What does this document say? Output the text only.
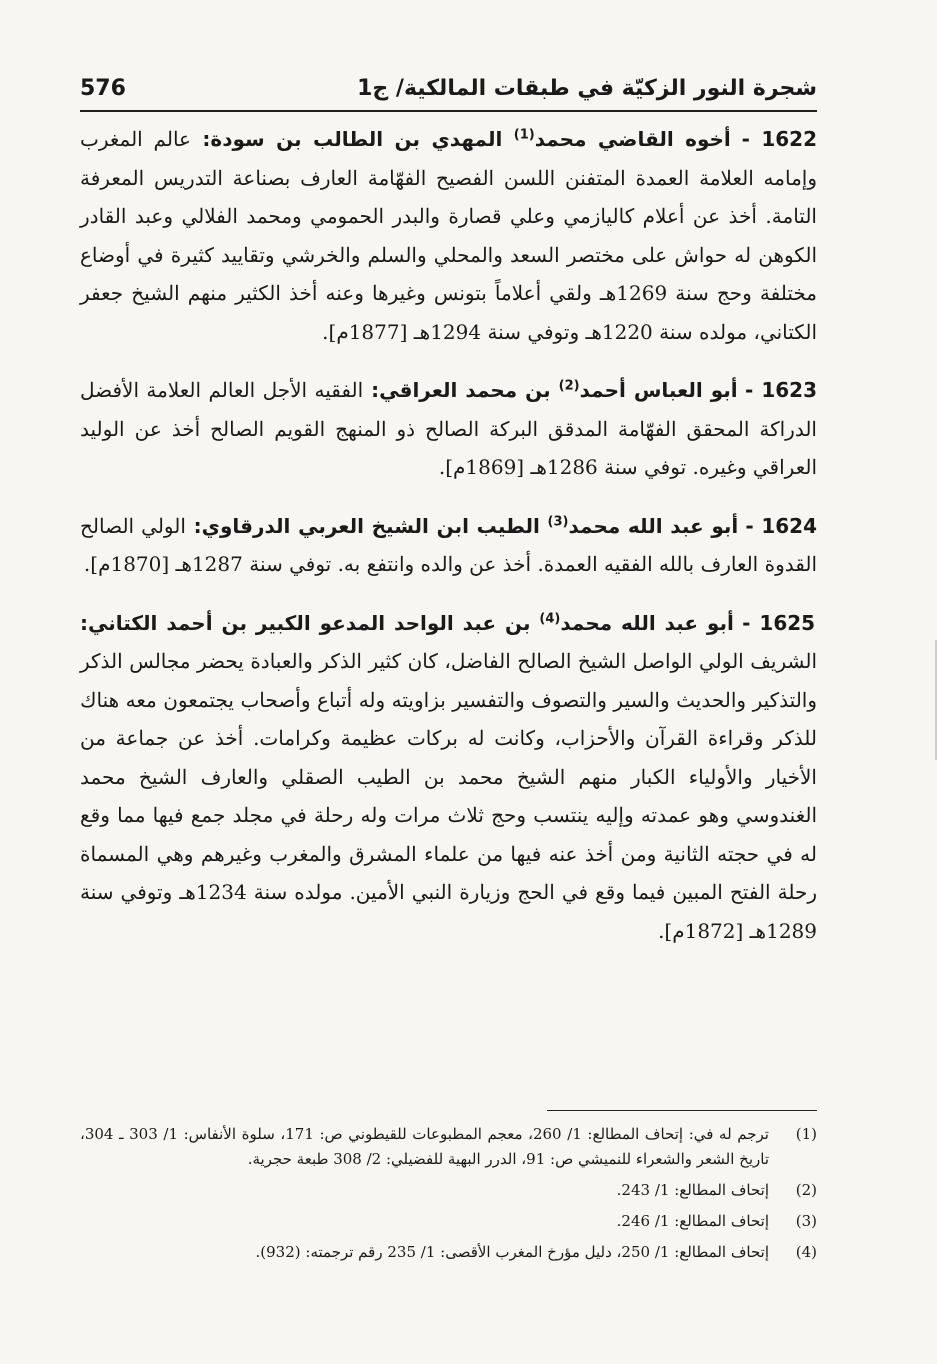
شجرة النور الزكيّة في طبقات المالكية/ ج1
576

1622 - أخوه القاضي محمد$^{(1)}$ المهدي بن الطالب بن سودة: عالم المغرب وإمامه العلامة العمدة المتفنن اللسن الفصيح الفهّامة العارف بصناعة التدريس المعرفة التامة. أخذ عن أعلام كاليازمي وعلي قصارة والبدر الحمومي ومحمد الفلالي وعبد القادر الكوهن له حواش على مختصر السعد والمحلي والسلم والخرشي وتقاييد كثيرة في أوضاع مختلفة وحج سنة 1269هـ ولقي أعلاماً بتونس وغيرها وعنه أخذ الكثير منهم الشيخ جعفر الكتاني، مولده سنة 1220هـ وتوفي سنة 1294هـ [1877م].

1623 - أبو العباس أحمد$^{(2)}$ بن محمد العراقي: الفقيه الأجل العالم العلامة الأفضل الدراكة المحقق الفهّامة المدقق البركة الصالح ذو المنهج القويم الصالح أخذ عن الوليد العراقي وغيره. توفي سنة 1286هـ [1869م].

1624 - أبو عبد الله محمد$^{(3)}$ الطيب ابن الشيخ العربي الدرقاوي: الولي الصالح القدوة العارف بالله الفقيه العمدة. أخذ عن والده وانتفع به. توفي سنة 1287هـ [1870م].

1625 - أبو عبد الله محمد$^{(4)}$ بن عبد الواحد المدعو الكبير بن أحمد الكتاني: الشريف الولي الواصل الشيخ الصالح الفاضل، كان كثير الذكر والعبادة يحضر مجالس الذكر والتذكير والحديث والسير والتصوف والتفسير بزاويته وله أتباع وأصحاب يجتمعون معه هناك للذكر وقراءة القرآن والأحزاب، وكانت له بركات عظيمة وكرامات. أخذ عن جماعة من الأخيار والأولياء الكبار منهم الشيخ محمد بن الطيب الصقلي والعارف الشيخ محمد الغندوسي وهو عمدته وإليه ينتسب وحج ثلاث مرات وله رحلة في مجلد جمع فيها مما وقع له في حجته الثانية ومن أخذ عنه فيها من علماء المشرق والمغرب وغيرهم وهي المسماة رحلة الفتح المبين فيما وقع في الحج وزيارة النبي الأمين. مولده سنة 1234هـ وتوفي سنة 1289هـ [1872م].

(1)
ترجم له في: إتحاف المطالع: 1/ 260، معجم المطبوعات للقيطوني ص: 171، سلوة الأنفاس: 1/ 303 ـ 304، تاريخ الشعر والشعراء للنميشي ص: 91، الدرر البهية للفضيلي: 2/ 308 طبعة حجرية.
(2)
إتحاف المطالع: 1/ 243.
(3)
إتحاف المطالع: 1/ 246.
(4)
إتحاف المطالع: 1/ 250، دليل مؤرخ المغرب الأقصى: 1/ 235 رقم ترجمته: (932).
